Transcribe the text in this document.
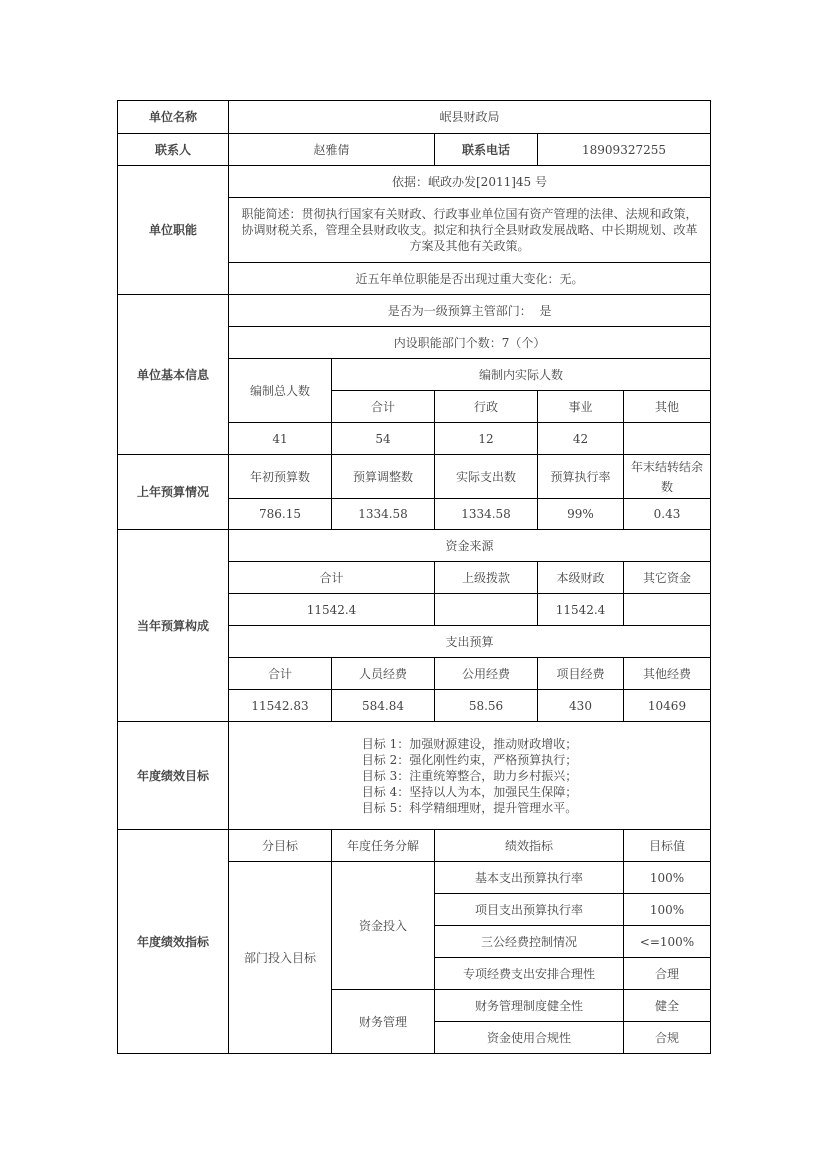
单位名称	岷县财政局				
联系人	赵雅倩		联系电话	18909327255	
单位职能	依据：岷政办发[2011]45 号				
	职能简述：贯彻执行国家有关财政、行政事业单位国有资产管理的法律、法规和政策，协调财税关系，管理全县财政收支。拟定和执行全县财政发展战略、中长期规划、改革方案及其他有关政策。				
	近五年单位职能是否出现过重大变化：无。				
单位基本信息	是否为一级预算主管部门：  是				
	内设职能部门个数：7（个）				
	编制总人数	编制内实际人数			
		合计	行政	事业	其他
	41	54	12	42	
上年预算情况	年初预算数	预算调整数	实际支出数	预算执行率	年末结转结余数
	786.15	1334.58	1334.58	99%	0.43
当年预算构成	资金来源				
	合计		上级拨款	本级财政	其它资金
	11542.4			11542.4	
	支出预算				
	合计	人员经费	公用经费	项目经费	其他经费
	11542.83	584.84	58.56	430	10469
年度绩效目标	目标 1：加强财源建设，推动财政增收；
目标 2：强化刚性约束，严格预算执行；
目标 3：注重统筹整合，助力乡村振兴；
目标 4：坚持以人为本，加强民生保障；
目标 5：科学精细理财，提升管理水平。				

年度绩效指标	分目标	年度任务分解	绩效指标		目标值
	部门投入目标	资金投入	基本支出预算执行率		100%
			项目支出预算执行率		100%
			三公经费控制情况		<=100%
			专项经费支出安排合理性		合理
		财务管理	财务管理制度健全性		健全
			资金使用合规性		合规
